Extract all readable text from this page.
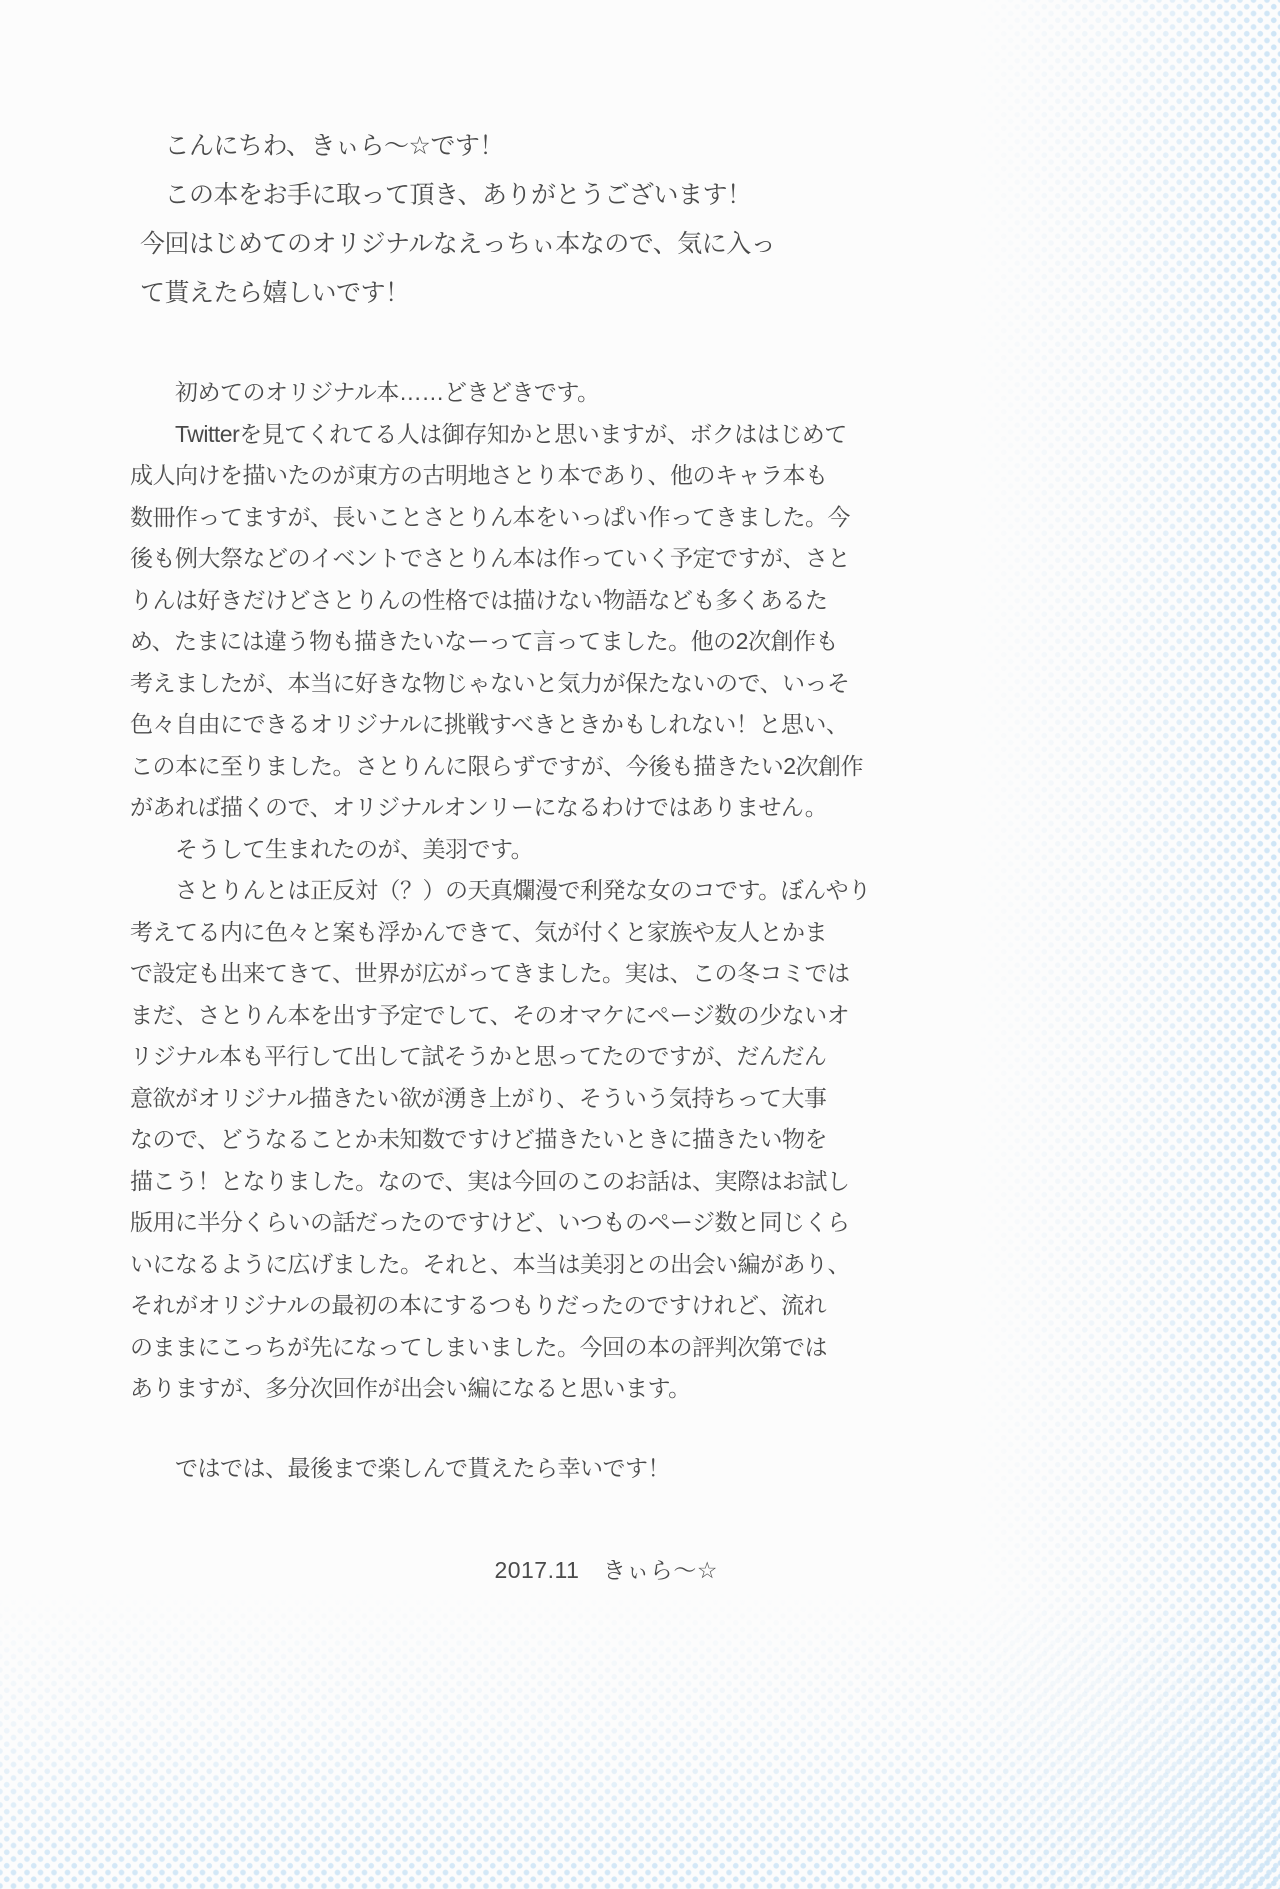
　こんにちわ、きぃら～☆です！
　この本をお手に取って頂き、ありがとうございます！
今回はじめてのオリジナルなえっちぃ本なので、気に入っ
て貰えたら嬉しいです！
　　初めてのオリジナル本……どきどきです。
　　Twitterを見てくれてる人は御存知かと思いますが、ボクははじめて
成人向けを描いたのが東方の古明地さとり本であり、他のキャラ本も
数冊作ってますが、長いことさとりん本をいっぱい作ってきました。今
後も例大祭などのイベントでさとりん本は作っていく予定ですが、さと
りんは好きだけどさとりんの性格では描けない物語なども多くあるた
め、たまには違う物も描きたいなーって言ってました。他の2次創作も
考えましたが、本当に好きな物じゃないと気力が保たないので、いっそ
色々自由にできるオリジナルに挑戦すべきときかもしれない！と思い、
この本に至りました。さとりんに限らずですが、今後も描きたい2次創作
があれば描くので、オリジナルオンリーになるわけではありません。
　　そうして生まれたのが、美羽です。
　　さとりんとは正反対（？）の天真爛漫で利発な女のコです。ぼんやり
考えてる内に色々と案も浮かんできて、気が付くと家族や友人とかま
で設定も出来てきて、世界が広がってきました。実は、この冬コミでは
まだ、さとりん本を出す予定でして、そのオマケにページ数の少ないオ
リジナル本も平行して出して試そうかと思ってたのですが、だんだん
意欲がオリジナル描きたい欲が湧き上がり、そういう気持ちって大事
なので、どうなることか未知数ですけど描きたいときに描きたい物を
描こう！となりました。なので、実は今回のこのお話は、実際はお試し
版用に半分くらいの話だったのですけど、いつものページ数と同じくら
いになるように広げました。それと、本当は美羽との出会い編があり、
それがオリジナルの最初の本にするつもりだったのですけれど、流れ
のままにこっちが先になってしまいました。今回の本の評判次第では
ありますが、多分次回作が出会い編になると思います。
　　ではでは、最後まで楽しんで貰えたら幸いです！
2017.11　きぃら～☆
